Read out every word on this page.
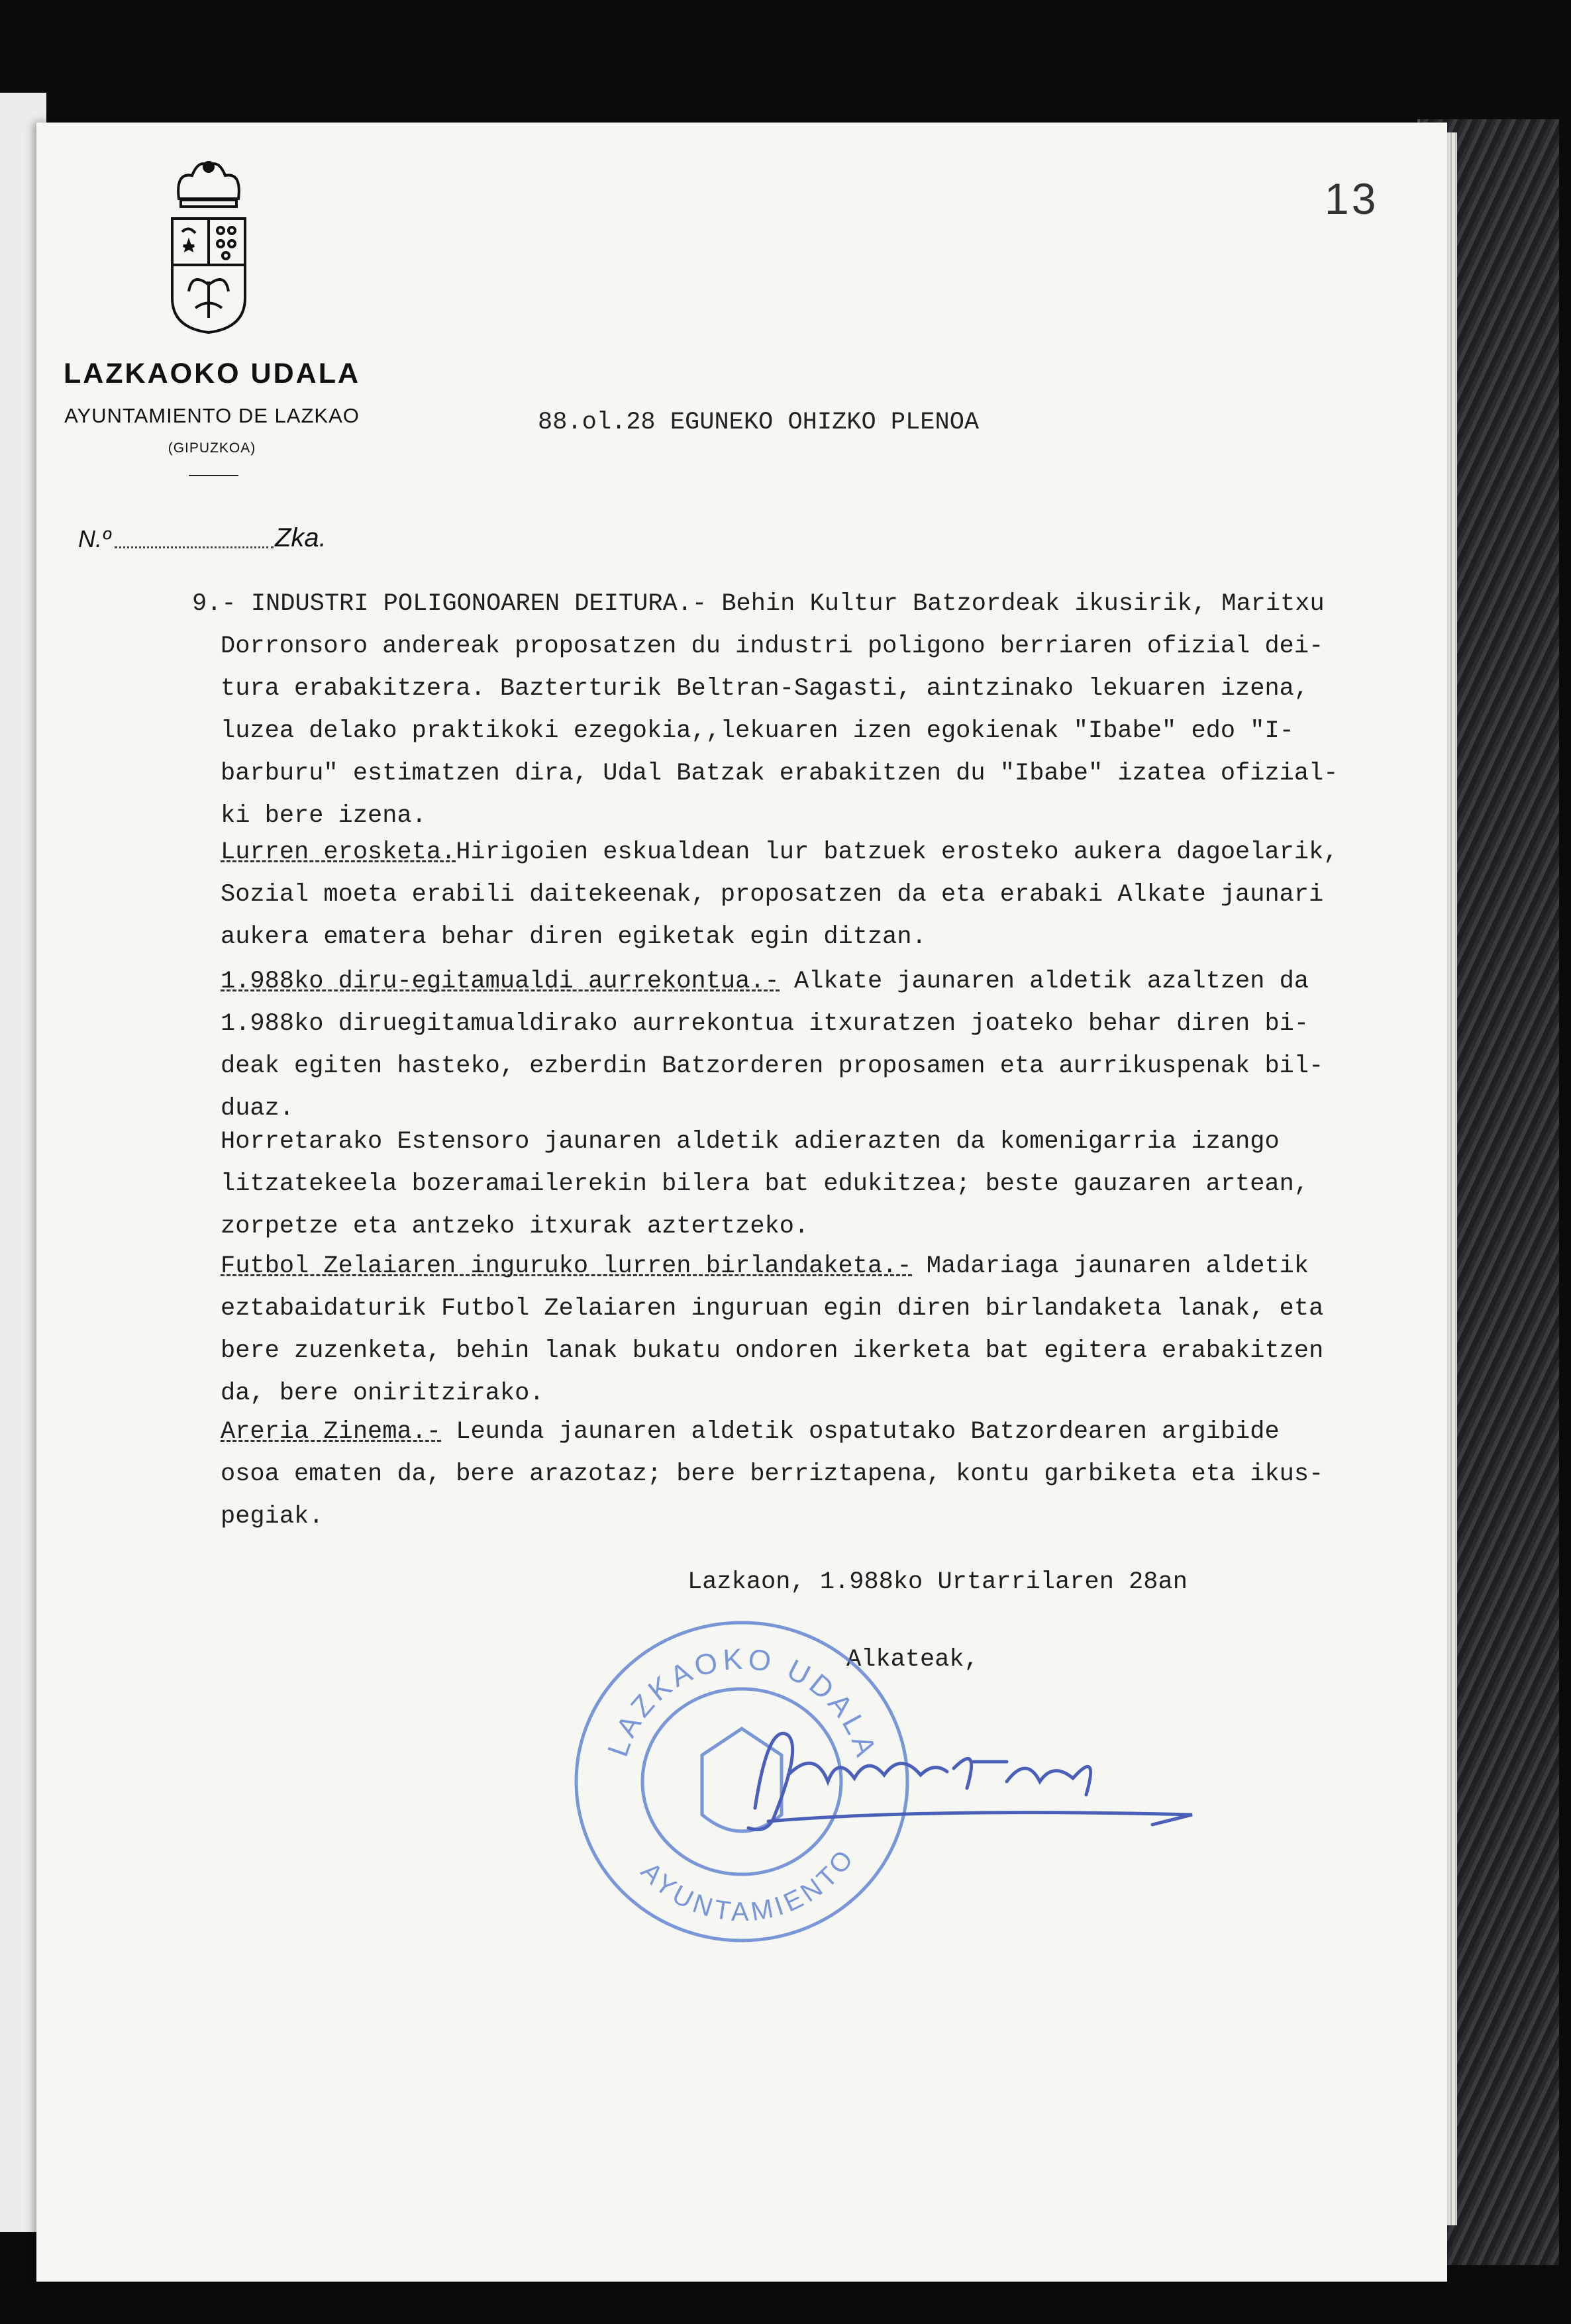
LAZKAOKO UDALA
AYUNTAMIENTO DE LAZKAO
(GIPUZKOA)
13
88.ol.28 EGUNEKO OHIZKO PLENOA
N.º	Zka.
9.- INDUSTRI POLIGONOAREN DEITURA.- Behin Kultur Batzordeak ikusirik, Maritxu
Dorronsoro andereak proposatzen du industri poligono berriaren ofizial dei-
tura erabakitzera. Bazterturik Beltran-Sagasti, aintzinako lekuaren izena,
luzea delako praktikoki ezegokia,,lekuaren izen egokienak "Ibabe" edo "I-
barburu" estimatzen dira, Udal Batzak erabakitzen du "Ibabe" izatea ofizial-
ki bere izena.
Lurren erosketa.Hirigoien eskualdean lur batzuek erosteko aukera dagoelarik,
Sozial moeta erabili daitekeenak, proposatzen da eta erabaki Alkate jaunari
aukera ematera behar diren egiketak egin ditzan.
1.988ko diru-egitamualdi aurrekontua.- Alkate jaunaren aldetik azaltzen da
1.988ko diruegitamualdirako aurrekontua itxuratzen joateko behar diren bi-
deak egiten hasteko, ezberdin Batzorderen proposamen eta aurrikuspenak bil-
duaz.
Horretarako Estensoro jaunaren aldetik adierazten da komenigarria izango
litzatekeela bozeramailerekin bilera bat edukitzea; beste gauzaren artean,
zorpetze eta antzeko itxurak aztertzeko.
Futbol Zelaiaren inguruko lurren birlandaketa.- Madariaga jaunaren aldetik
eztabaidaturik Futbol Zelaiaren inguruan egin diren birlandaketa lanak, eta
bere zuzenketa, behin lanak bukatu ondoren ikerketa bat egitera erabakitzen
da, bere oniritzirako.
Areria Zinema.- Leunda jaunaren aldetik ospatutako Batzordearen argibide
osoa ematen da, bere arazotaz; bere berriztapena, kontu garbiketa eta ikus-
pegiak.
Lazkaon, 1.988ko Urtarrilaren 28an
Alkateak,
LAZKAOKO UDALA
AYUNTAMIENTO
